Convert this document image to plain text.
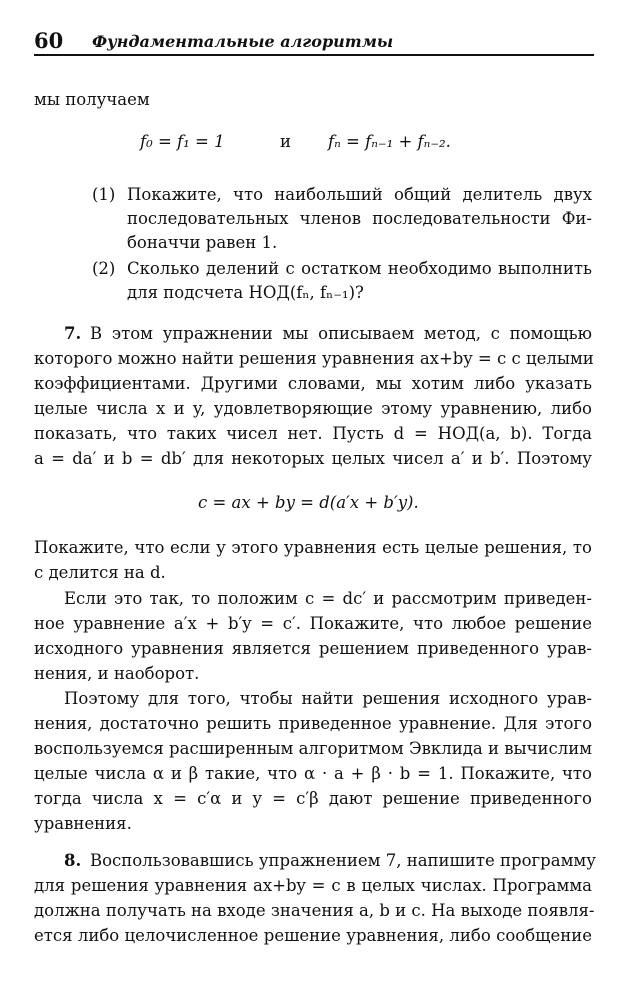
60 Фундаментальные алгоритмы
мы получаем
f₀ = f₁ = 1	и fₙ = fₙ₋₁ + fₙ₋₂.
(1) Покажите, что наибольший общий делитель двух
последовательных членов последовательности Фи-
боначчи равен 1.
(2) Сколько делений с остатком необходимо выполнить
для подсчета НОД(fₙ, fₙ₋₁)?
7. В этом упражнении мы описываем метод, с помощью
которого можно найти решения уравнения ax+by = c с целыми
коэффициентами. Другими словами, мы хотим либо указать
целые числа x и y, удовлетворяющие этому уравнению, либо
показать, что таких чисел нет. Пусть d = НОД(a, b). Тогда
a = da′ и b = db′ для некоторых целых чисел a′ и b′. Поэтому
c = ax + by = d(a′x + b′y).
Покажите, что если у этого уравнения есть целые решения, то
c делится на d.
Если это так, то положим c = dc′ и рассмотрим приведен-
ное уравнение a′x + b′y = c′. Покажите, что любое решение
исходного уравнения является решением приведенного урав-
нения, и наоборот.
Поэтому для того, чтобы найти решения исходного урав-
нения, достаточно решить приведенное уравнение. Для этого
воспользуемся расширенным алгоритмом Эвклида и вычислим
целые числа α и β такие, что α · a + β · b = 1. Покажите, что
тогда числа x = c′α и y = c′β дают решение приведенного
уравнения.
8. Воспользовавшись упражнением 7, напишите программу
для решения уравнения ax+by = c в целых числах. Программа
должна получать на входе значения a, b и c. На выходе появля-
ется либо целочисленное решение уравнения, либо сообщение
